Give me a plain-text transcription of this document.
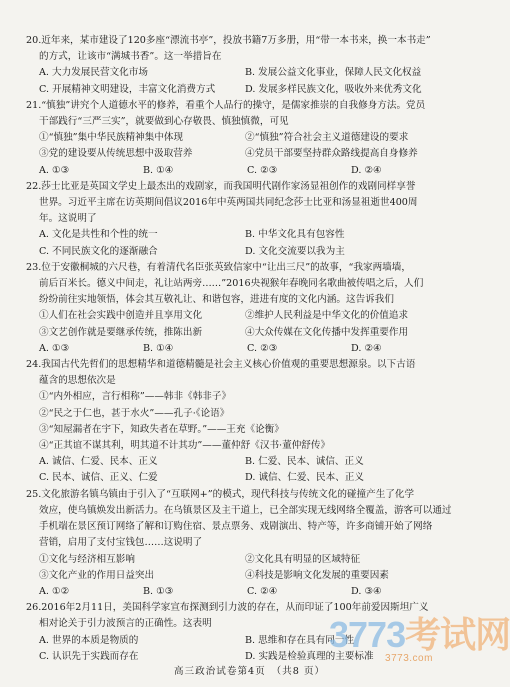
20.近年来，某市建设了120多座“漂流书亭”，投放书籍7万多册，用“带一本书来，换一本书走”
的方式，让该市“满城书香”。这一举措旨在
A. 大力发展民营文化市场	B. 发展公益文化事业，保障人民文化权益
C. 开展精神文明建设，丰富文化消费方式	D. 发展多样民族文化，吸收外来优秀文化
21.“慎独”讲究个人道德水平的修养，看重个人品行的操守，是儒家推崇的自我修身方法。党员
干部践行“三严三实”，就要做到心存敬畏、慎独慎微，可见
①“慎独”集中华民族精神集中体现	②“慎独”符合社会主义道德建设的要求
③党的建设要从传统思想中汲取营养	④党员干部要坚持群众路线提高自身修养
A. ①③	B. ①④	C. ②③	D. ②④
22.莎士比亚是英国文学史上最杰出的戏剧家，而我国明代剧作家汤显祖创作的戏剧同样享誉
世界。习近平主席在访英期间倡议2016年中英两国共同纪念莎士比亚和汤显祖逝世400周
年。这说明了
A. 文化是共性和个性的统一	B. 中华文化具有包容性
C. 不同民族文化的逐渐融合	D. 文化交流要以我为主
23.位于安徽桐城的六尺巷，有着清代名臣张英致信家中“让出三尺”的故事，“我家两墙墙，
前后百米长。德义中间走，礼让站两旁……”2016央视猴年春晚同名歌曲被传唱之后，人们
纷纷前往实地领悟，体会其互敬礼让、和谐包容，进进有度的文化内涵。这告诉我们
①人们在社会实践中创造并且享用文化	②维护人民利益是中华文化的价值追求
③文艺创作就是要继承传统，推陈出新	④大众传媒在文化传播中发挥重要作用
A. ①③	B. ①④	C. ②③	D. ②④
24.我国古代先哲们的思想精华和道德精髓是社会主义核心价值观的重要思想源泉。以下古语
蕴含的思想依次是
①“内外相应，言行相称”——韩非《韩非子》
②“民之于仁也，甚于水火”——孔子·《论语》
③“知屋漏者在宇下，知政失者在草野。”——王充《论衡》
④“正其谊不谋其利，明其道不计其功”——董仲舒《汉书·董仲舒传》
A. 诚信、仁爱、民本、正义	B. 仁爱、民本、诚信、正义
C. 民本、诚信、正义、仁爱	D. 诚信、仁爱、民本、正义
25.文化旅游名镇乌镇由于引入了“互联网+”的模式，现代科技与传统文化的碰撞产生了化学
效应，使乌镇焕发出新活力。在乌镇景区及主干道上，已全部实现无线网络全覆盖，游客可以通过
手机端在景区预订网络了解和订购住宿、景点票务、戏剧演出、特产等，许多商铺开始了网络
营销，启用了支付宝钱包……这说明了
①文化与经济相互影响	②文化具有明显的区域特征
③文化产业的作用日益突出	④科技是影响文化发展的重要因素
A. ①②	B. ①③	C. ②④	D. ③④
26.2016年2月11日，美国科学家宣布探测到引力波的存在，从而印证了100年前爱因斯坦广义
相对论关于引力波预言的正确性。这表明
A. 世界的本质是物质的	B. 思维和存在具有同一性
C. 认识先于实践而存在	D. 实践是检验真理的主要标准
3773考试网
3773.com
高三政治试卷第4页　（共8 页）
